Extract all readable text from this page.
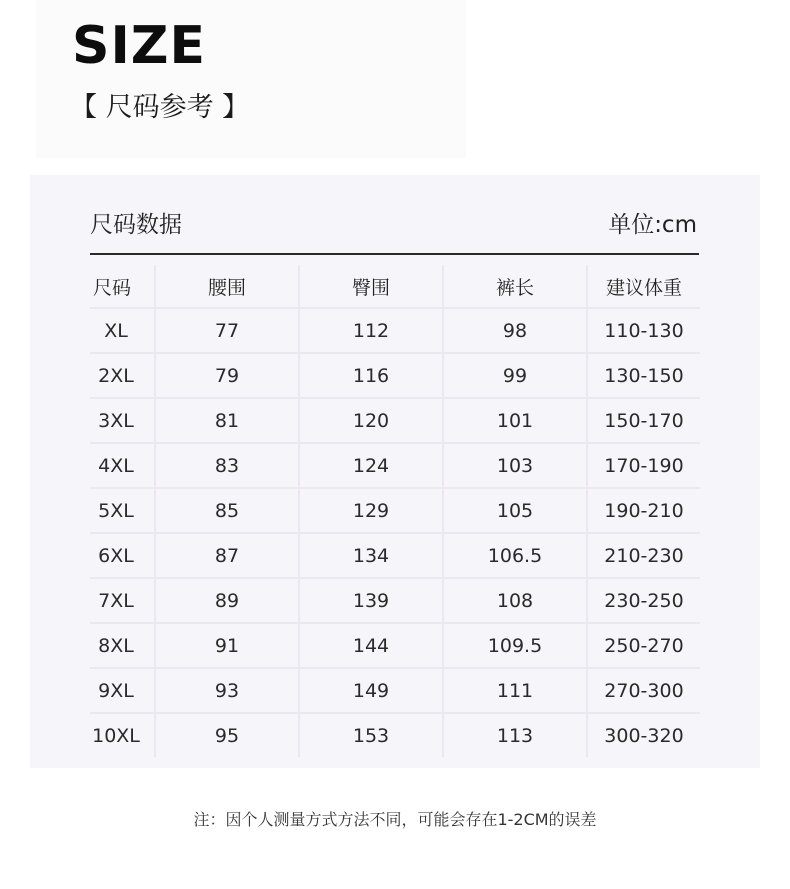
SIZE
【 尺码参考 】
尺码数据	单位:cm
尺码	腰围	臀围	裤长	建议体重
XL	77	112	98	110-130
2XL	79	116	99	130-150
3XL	81	120	101	150-170
4XL	83	124	103	170-190
5XL	85	129	105	190-210
6XL	87	134	106.5	210-230
7XL	89	139	108	230-250
8XL	91	144	109.5	250-270
9XL	93	149	111	270-300
10XL	95	153	113	300-320
注：因个人测量方式方法不同，可能会存在1-2CM的误差
